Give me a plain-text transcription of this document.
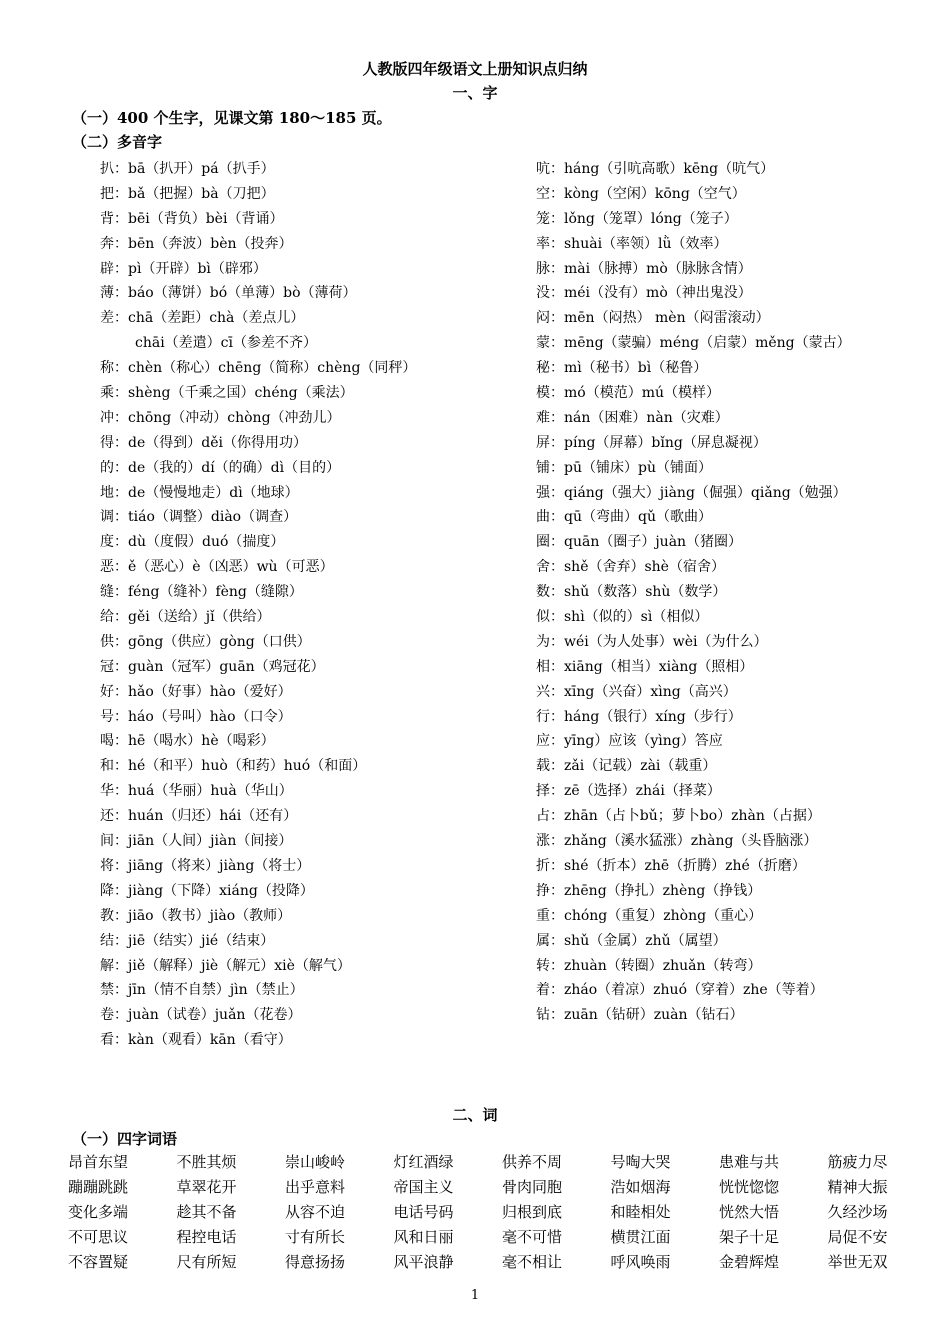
人教版四年级语文上册知识点归纳
一、字
（一）400 个生字，见课文第 180～185 页。
（二）多音字
扒：bā（扒开）pá（扒手）
把：bǎ（把握）bà（刀把）
背：bēi（背负）bèi（背诵）
奔：bēn（奔波）bèn（投奔）
辟：pì（开辟）bì（辟邪）
薄：báo（薄饼）bó（单薄）bò（薄荷）
差：chā（差距）chà（差点儿）
chāi（差遣）cī（参差不齐）
称：chèn（称心）chēng（简称）chèng（同秤）
乘：shèng（千乘之国）chéng（乘法）
冲：chōng（冲动）chòng（冲劲儿）
得：de（得到）děi（你得用功）
的：de（我的）dí（的确）dì（目的）
地：de（慢慢地走）dì（地球）
调：tiáo（调整）diào（调查）
度：dù（度假）duó（揣度）
恶：ě（恶心）è（凶恶）wù（可恶）
缝：féng（缝补）fèng（缝隙）
给：gěi（送给）jǐ（供给）
供：gōng（供应）gòng（口供）
冠：guàn（冠军）guān（鸡冠花）
好：hǎo（好事）hào（爱好）
号：háo（号叫）hào（口令）
喝：hē（喝水）hè（喝彩）
和：hé（和平）huò（和药）huó（和面）
华：huá（华丽）huà（华山）
还：huán（归还）hái（还有）
间：jiān（人间）jiàn（间接）
将：jiāng（将来）jiàng（将士）
降：jiàng（下降）xiáng（投降）
教：jiāo（教书）jiào（教师）
结：jiē（结实）jié（结束）
解：jiě（解释）jiè（解元）xiè（解气）
禁：jīn（情不自禁）jìn（禁止）
卷：juàn（试卷）juǎn（花卷）
看：kàn（观看）kān（看守）
吭：háng（引吭高歌）kēng（吭气）
空：kòng（空闲）kōng（空气）
笼：lǒng（笼罩）lóng（笼子）
率：shuài（率领）lǜ（效率）
脉：mài（脉搏）mò（脉脉含情）
没：méi（没有）mò（神出鬼没）
闷：mēn（闷热） mèn（闷雷滚动）
蒙：mēng（蒙骗）méng（启蒙）měng（蒙古）
秘：mì（秘书）bì（秘鲁）
模：mó（模范）mú（模样）
难：nán（困难）nàn（灾难）
屏：píng（屏幕）bǐng（屏息凝视）
铺：pū（铺床）pù（铺面）
强：qiáng（强大）jiàng（倔强）qiǎng（勉强）
曲：qū（弯曲）qǔ（歌曲）
圈：quān（圈子）juàn（猪圈）
舍：shě（舍弃）shè（宿舍）
数：shǔ（数落）shù（数学）
似：shì（似的）sì（相似）
为：wéi（为人处事）wèi（为什么）
相：xiāng（相当）xiàng（照相）
兴：xīng（兴奋）xìng（高兴）
行：háng（银行）xíng（步行）
应：yīng）应该（yìng）答应
载：zǎi（记载）zài（载重）
择：zē（选择）zhái（择菜）
占：zhān（占卜bǔ；萝卜bo）zhàn（占据）
涨：zhǎng（溪水猛涨）zhàng（头昏脑涨）
折：shé（折本）zhē（折腾）zhé（折磨）
挣：zhēng（挣扎）zhèng（挣钱）
重：chóng（重复）zhòng（重心）
属：shǔ（金属）zhǔ（属望）
转：zhuàn（转圈）zhuǎn（转弯）
着：zháo（着凉）zhuó（穿着）zhe（等着）
钻：zuān（钻研）zuàn（钻石）
二、词
（一）四字词语
昂首东望	不胜其烦	崇山峻岭	灯红酒绿	供养不周	号啕大哭	患难与共	筋疲力尽
蹦蹦跳跳	草翠花开	出乎意料	帝国主义	骨肉同胞	浩如烟海	恍恍惚惚	精神大振
变化多端	趁其不备	从容不迫	电话号码	归根到底	和睦相处	恍然大悟	久经沙场
不可思议	程控电话	寸有所长	风和日丽	毫不可惜	横贯江面	架子十足	局促不安
不容置疑	尺有所短	得意扬扬	风平浪静	毫不相让	呼风唤雨	金碧辉煌	举世无双
1
